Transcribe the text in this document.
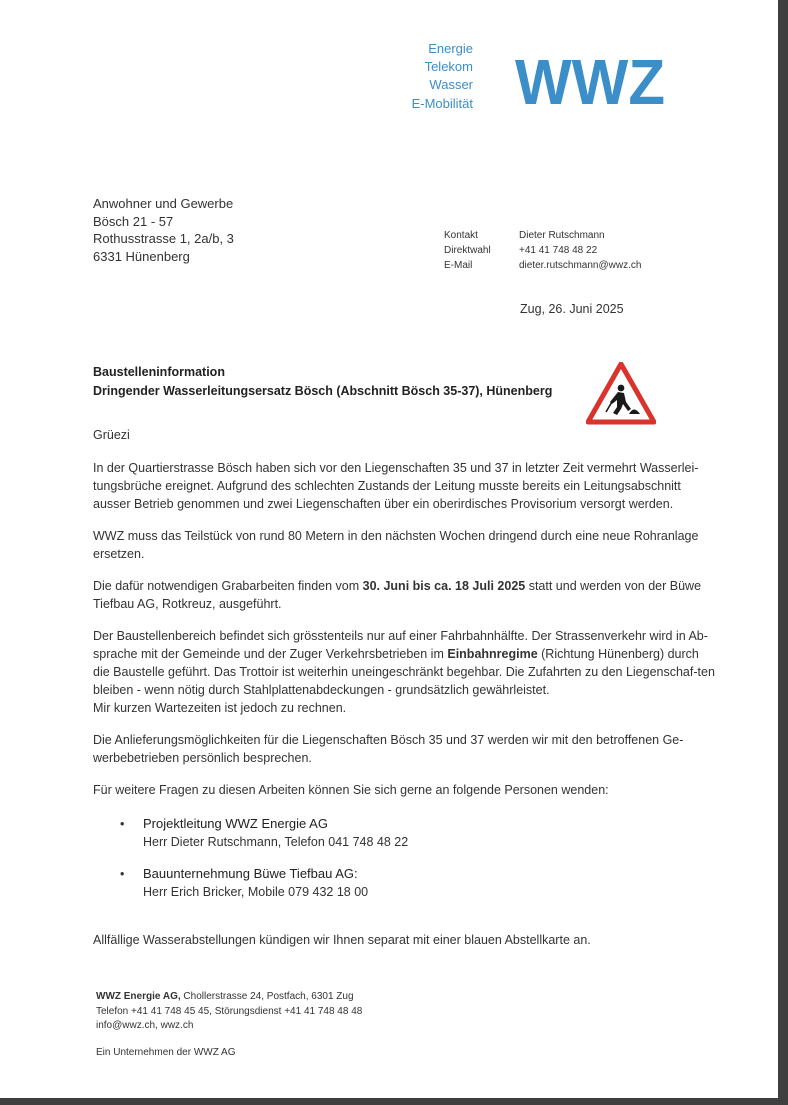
Energie
Telekom
Wasser
E-Mobilität WWZ
Anwohner und Gewerbe
Bösch 21 - 57
Rothusstrasse 1, 2a/b, 3
6331 Hünenberg
Kontakt	Dieter Rutschmann
Direktwahl	+41 41 748 48 22
E-Mail	dieter.rutschmann@wwz.ch
Zug, 26. Juni 2025
Baustelleninformation
Dringender Wasserleitungsersatz Bösch (Abschnitt Bösch 35-37), Hünenberg

Grüezi

In der Quartierstrasse Bösch haben sich vor den Liegenschaften 35 und 37 in letzter Zeit vermehrt Wasserlei-tungsbrüche ereignet. Aufgrund des schlechten Zustands der Leitung musste bereits ein Leitungsabschnitt ausser Betrieb genommen und zwei Liegenschaften über ein oberirdisches Provisorium versorgt werden.

WWZ muss das Teilstück von rund 80 Metern in den nächsten Wochen dringend durch eine neue Rohranlage ersetzen.

Die dafür notwendigen Grabarbeiten finden vom 30. Juni bis ca. 18 Juli 2025 statt und werden von der Büwe Tiefbau AG, Rotkreuz, ausgeführt.

Der Baustellenbereich befindet sich grösstenteils nur auf einer Fahrbahnhälfte. Der Strassenverkehr wird in Ab-sprache mit der Gemeinde und der Zuger Verkehrsbetrieben im Einbahnregime (Richtung Hünenberg) durch die Baustelle geführt. Das Trottoir ist weiterhin uneingeschränkt begehbar. Die Zufahrten zu den Liegenschaf-ten bleiben - wenn nötig durch Stahlplattenabdeckungen - grundsätzlich gewährleistet.
Mir kurzen Wartezeiten ist jedoch zu rechnen.

Die Anlieferungsmöglichkeiten für die Liegenschaften Bösch 35 und 37 werden wir mit den betroffenen Ge-werbebetrieben persönlich besprechen.

Für weitere Fragen zu diesen Arbeiten können Sie sich gerne an folgende Personen wenden:

• Projektleitung WWZ Energie AG
Herr Dieter Rutschmann, Telefon 041 748 48 22
• Bauunternehmung Büwe Tiefbau AG:
Herr Erich Bricker, Mobile 079 432 18 00

Allfällige Wasserabstellungen kündigen wir Ihnen separat mit einer blauen Abstellkarte an.

WWZ Energie AG, Chollerstrasse 24, Postfach, 6301 Zug
Telefon +41 41 748 45 45, Störungsdienst +41 41 748 48 48
info@wwz.ch, wwz.ch
Ein Unternehmen der WWZ AG
